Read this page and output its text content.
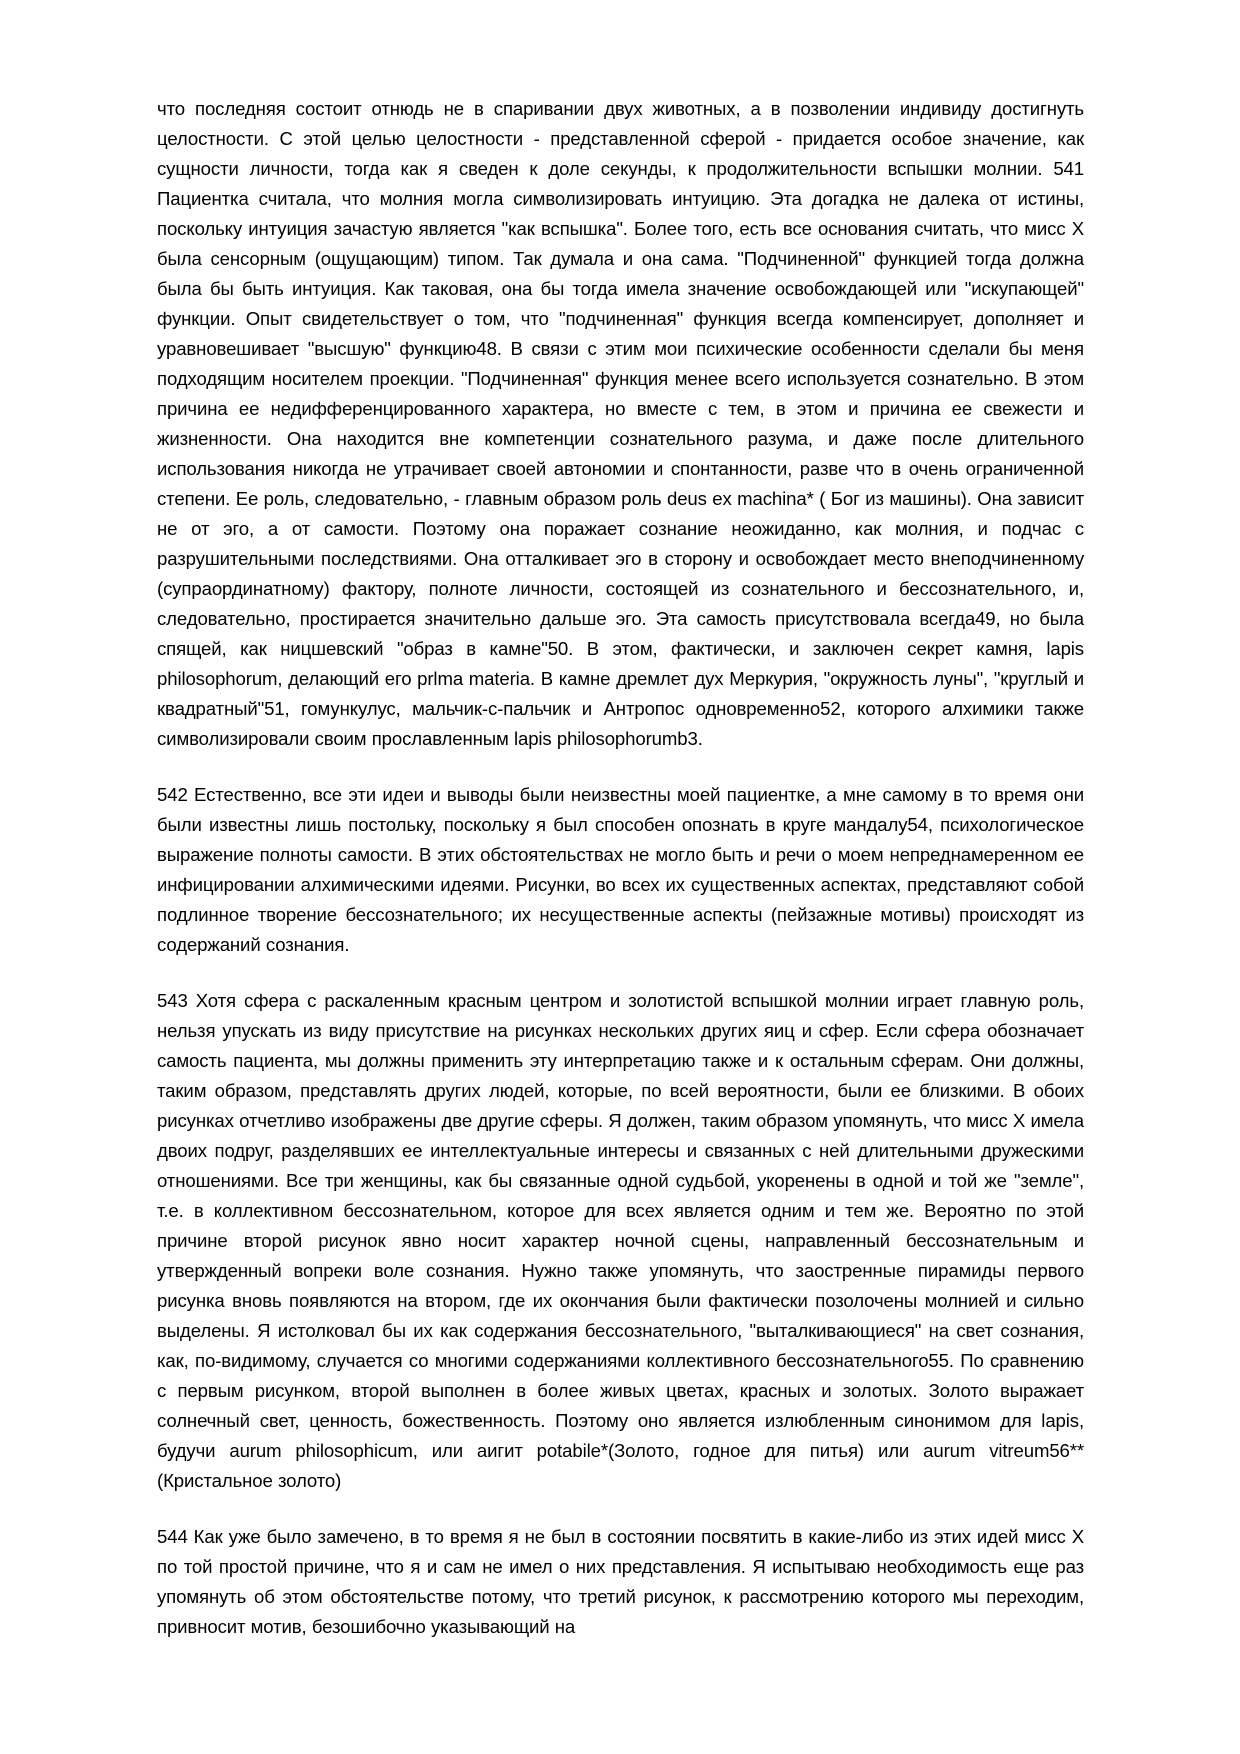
что последняя состоит отнюдь не в спаривании двух животных, а в позволении индивиду достигнуть целостности. С этой целью целостности - представленной сферой - придается особое значение, как сущности личности, тогда как я сведен к доле секунды, к продолжительности вспышки молнии. 541 Пациентка считала, что молния могла символизировать интуицию. Эта догадка не далека от истины, поскольку интуиция зачастую является "как вспышка". Более того, есть все основания считать, что мисс X была сенсорным (ощущающим) типом. Так думала и она сама. "Подчиненной" функцией тогда должна была бы быть интуиция. Как таковая, она бы тогда имела значение освобождающей или "искупающей" функции. Опыт свидетельствует о том, что "подчиненная" функция всегда компенсирует, дополняет и уравновешивает "высшую" функцию48. В связи с этим мои психические особенности сделали бы меня подходящим носителем проекции. "Подчиненная" функция менее всего используется сознательно. В этом причина ее недифференцированного характера, но вместе с тем, в этом и причина ее свежести и жизненности. Она находится вне компетенции сознательного разума, и даже после длительного использования никогда не утрачивает своей автономии и спонтанности, разве что в очень ограниченной степени. Ее роль, следовательно, - главным образом роль deus ex machina* ( Бог из машины). Она зависит не от эго, а от самости. Поэтому она поражает сознание неожиданно, как молния, и подчас с разрушительными последствиями. Она отталкивает эго в сторону и освобождает место внеподчиненному (супраординатному) фактору, полноте личности, состоящей из сознательного и бессознательного, и, следовательно, простирается значительно дальше эго. Эта самость присутствовала всегда49, но была спящей, как ницшевский "образ в камне"50. В этом, фактически, и заключен секрет камня, lapis philosophorum, делающий его prlma materia. В камне дремлет дух Меркурия, "окружность луны", "круглый и квадратный"51, гомункулус, мальчик-с-пальчик и Антропос одновременно52, которого алхимики также символизировали своим прославленным lapis philosophorumb3.

542 Естественно, все эти идеи и выводы были неизвестны моей пациентке, а мне самому в то время они были известны лишь постольку, поскольку я был способен опознать в круге мандалу54, психологическое выражение полноты самости. В этих обстоятельствах не могло быть и речи о моем непреднамеренном ее инфицировании алхимическими идеями. Рисунки, во всех их существенных аспектах, представляют собой подлинное творение бессознательного; их несущественные аспекты (пейзажные мотивы) происходят из содержаний сознания.

543 Хотя сфера с раскаленным красным центром и золотистой вспышкой молнии играет главную роль, нельзя упускать из виду присутствие на рисунках нескольких других яиц и сфер. Если сфера обозначает самость пациента, мы должны применить эту интерпретацию также и к остальным сферам. Они должны, таким образом, представлять других людей, которые, по всей вероятности, были ее близкими. В обоих рисунках отчетливо изображены две другие сферы. Я должен, таким образом упомянуть, что мисс X имела двоих подруг, разделявших ее интеллектуальные интересы и связанных с ней длительными дружескими отношениями. Все три женщины, как бы связанные одной судьбой, укоренены в одной и той же "земле", т.е. в коллективном бессознательном, которое для всех является одним и тем же. Вероятно по этой причине второй рисунок явно носит характер ночной сцены, направленный бессознательным и утвержденный вопреки воле сознания. Нужно также упомянуть, что заостренные пирамиды первого рисунка вновь появляются на втором, где их окончания были фактически позолочены молнией и сильно выделены. Я истолковал бы их как содержания бессознательного, "выталкивающиеся" на свет сознания, как, по-видимому, случается со многими содержаниями коллективного бессознательного55. По сравнению с первым рисунком, второй выполнен в более живых цветах, красных и золотых. Золото выражает солнечный свет, ценность, божественность. Поэтому оно является излюбленным синонимом для lapis, будучи aurum philosophicum, или аигит potabile*(Золото, годное для питья) или aurum vitreum56**(Кристальное золото)

544 Как уже было замечено, в то время я не был в состоянии посвятить в какие-либо из этих идей мисс X по той простой причине, что я и сам не имел о них представления. Я испытываю необходимость еще раз упомянуть об этом обстоятельстве потому, что третий рисунок, к рассмотрению которого мы переходим, привносит мотив, безошибочно указывающий на
